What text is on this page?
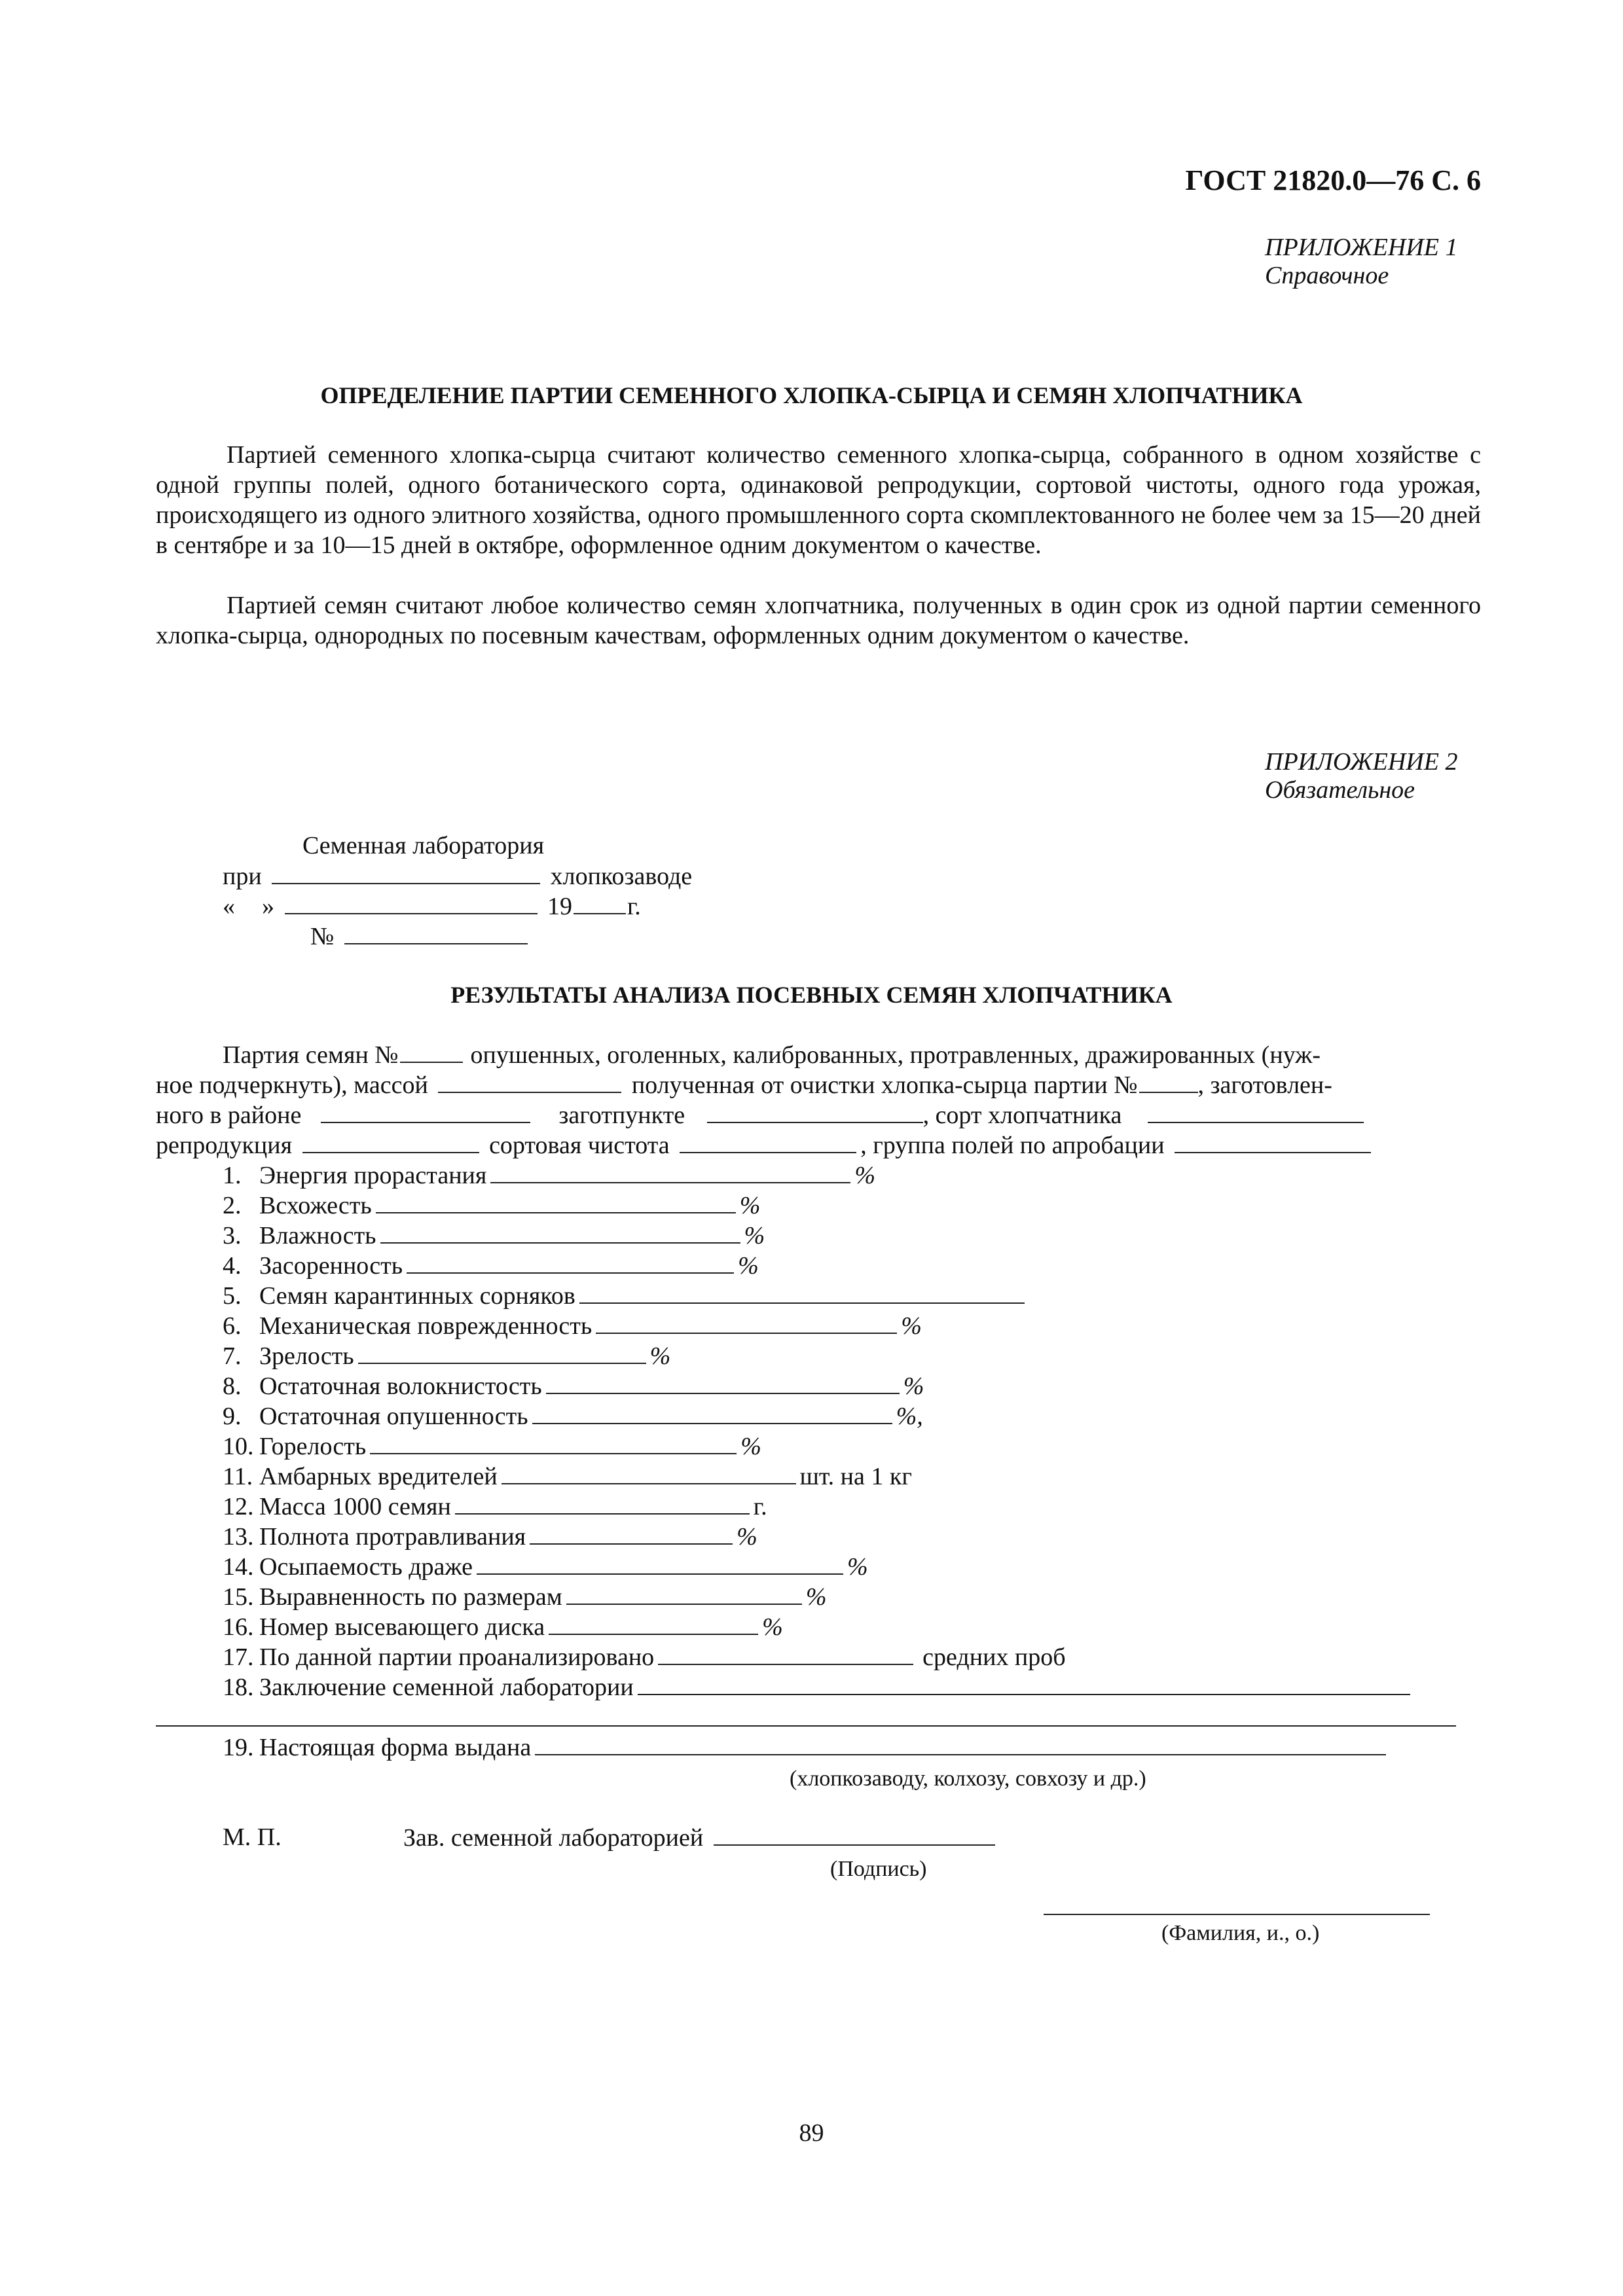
ГОСТ 21820.0—76 С. 6
ПРИЛОЖЕНИЕ 1
Справочное
ОПРЕДЕЛЕНИЕ ПАРТИИ СЕМЕННОГО ХЛОПКА-СЫРЦА И СЕМЯН ХЛОПЧАТНИКА

Партией семенного хлопка-сырца считают количество семенного хлопка-сырца, собранного в одном хозяйстве с одной группы полей, одного ботанического сорта, одинаковой репродукции, сортовой чистоты, одного года урожая, происходящего из одного элитного хозяйства, одного промышленного сорта скомплектованного не более чем за 15—20 дней в сентябре и за 10—15 дней в октябре, оформленное одним документом о качестве.

Партией семян считают любое количество семян хлопчатника, полученных в один срок из одной партии семенного хлопка-сырца, однородных по посевным качествам, оформленных одним документом о качестве.

ПРИЛОЖЕНИЕ 2
Обязательное
Семенная лаборатория
при	хлопкозаводе
« »	19 г.
№
РЕЗУЛЬТАТЫ АНАЛИЗА ПОСЕВНЫХ СЕМЯН ХЛОПЧАТНИКА
Партия семян №	опушенных, оголенных, калиброванных, протравленных, дражированных (нуж-
ное подчеркнуть), массой	полученная от очистки хлопка-сырца партии № , заготовлен-
ного в районе	заготпункте	, сорт хлопчатника
репродукция	сортовая чистота	, группа полей по апробации
1. Энергия прорастания	%
2. Всхожесть	%
3. Влажность	%
4. Засоренность	%
5. Семян карантинных сорняков
6. Механическая поврежденность	%
7. Зрелость	%
8. Остаточная волокнистость	%
9. Остаточная опушенность	%,
10. Горелость	%
11. Амбарных вредителей	шт. на 1 кг
12. Масса 1000 семян	г.
13. Полнота протравливания	%
14. Осыпаемость драже	%
15. Выравненность по размерам	%
16. Номер высевающего диска	%
17. По данной партии проанализировано	средних проб
18. Заключение семенной лаборатории
19. Настоящая форма выдана
(хлопкозаводу, колхозу, совхозу и др.)
М. П.	Зав. семенной лабораторией
(Подпись)
(Фамилия, и., о.)
89
